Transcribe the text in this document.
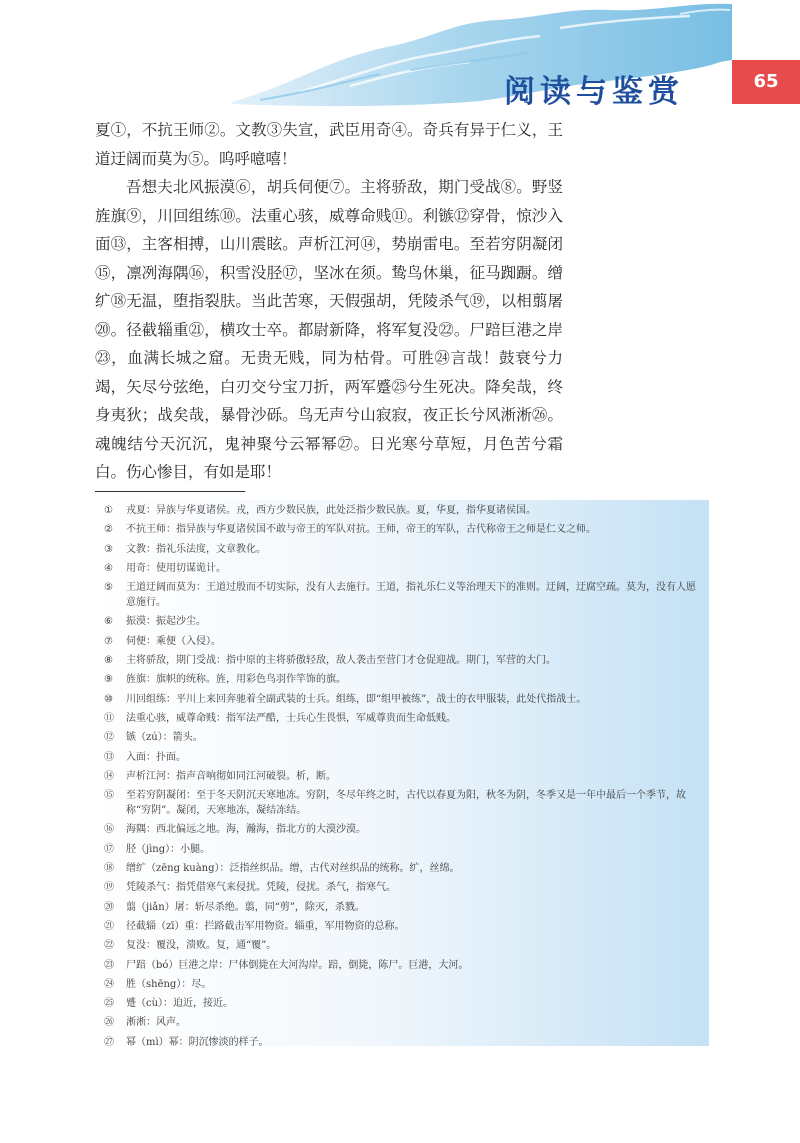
阅读与鉴赏	65

夏①，不抗王师②。文教③失宣，武臣用奇④。奇兵有异于仁义，王道迂阔而莫为⑤。呜呼噫嘻！

吾想夫北风振漠⑥，胡兵伺便⑦。主将骄敌，期门受战⑧。野竖旌旗⑨，川回组练⑩。法重心骇，威尊命贱⑪。利镞⑫穿骨，惊沙入面⑬，主客相搏，山川震眩。声析江河⑭，势崩雷电。至若穷阴凝闭⑮，凛冽海隅⑯，积雪没胫⑰，坚冰在须。鸷鸟休巢，征马踟蹰。缯纩⑱无温，堕指裂肤。当此苦寒，天假强胡，凭陵杀气⑲，以相翦屠⑳。径截辎重㉑，横攻士卒。都尉新降，将军复没㉒。尸踣巨港之岸㉓，血满长城之窟。无贵无贱，同为枯骨。可胜㉔言哉！鼓衰兮力竭，矢尽兮弦绝，白刃交兮宝刀折，两军蹙㉕兮生死决。降矣哉，终身夷狄；战矣哉，暴骨沙砾。鸟无声兮山寂寂，夜正长兮风淅淅㉖。魂魄结兮天沉沉，鬼神聚兮云幂幂㉗。日光寒兮草短，月色苦兮霜白。伤心惨目，有如是耶！

①	戎夏：异族与华夏诸侯。戎，西方少数民族，此处泛指少数民族。夏，华夏，指华夏诸侯国。
②	不抗王师：指异族与华夏诸侯国不敢与帝王的军队对抗。王师，帝王的军队，古代称帝王之师是仁义之师。
③	文教：指礼乐法度，文章教化。
④	用奇：使用切谋诡计。
⑤	王道迂阔而莫为：王道过殷而不切实际，没有人去施行。王道，指礼乐仁义等治理天下的准则。迂阔，迂腐空疏。莫为，没有人愿意施行。
⑥	振漠：振起沙尘。
⑦	伺便：乘便（入侵）。
⑧	主将骄敌，期门受战：指中原的主将骄傲轻敌，敌人袭击至营门才仓促迎战。期门，军营的大门。
⑨	旌旗：旗帜的统称。旌，用彩色鸟羽作竿饰的旗。
⑩	川回组练：平川上来回奔驰着全副武装的士兵。组练，即“组甲被练”，战士的衣甲服装，此处代指战士。
⑪	法重心骇，威尊命贱：指军法严酷，士兵心生畏惧，军威尊贵而生命低贱。
⑫	镞（zú）：箭头。
⑬	入面：扑面。
⑭	声析江河：指声音响彻如同江河破裂。析，断。
⑮	至若穷阴凝闭：至于冬天阴沉天寒地冻。穷阴，冬尽年终之时，古代以春夏为阳，秋冬为阴，冬季又是一年中最后一个季节，故称“穷阴”。凝闭，天寒地冻，凝结冻结。
⑯	海隅：西北偏远之地。海，瀚海，指北方的大漠沙漠。
⑰	胫（jìng）：小腿。
⑱	缯纩（zēng kuàng）：泛指丝织品。缯，古代对丝织品的统称。纩，丝绵。
⑲	凭陵杀气：指凭借寒气来侵扰。凭陵，侵扰。杀气，指寒气。
⑳	翦（jiǎn）屠：斩尽杀绝。翦，同“剪”，除灭，杀戮。
㉑	径截辎（zī）重：拦路截击军用物资。辎重，军用物资的总称。
㉒	复没：覆没，溃败。复，通“覆”。
㉓	尸踣（bó）巨港之岸：尸体倒毙在大河沟岸。踣，倒毙，陈尸。巨港，大河。
㉔	胜（shēng）：尽。
㉕	蹙（cù）：迫近，接近。
㉖	淅淅：风声。
㉗	幂（mì）幂：阴沉惨淡的样子。
